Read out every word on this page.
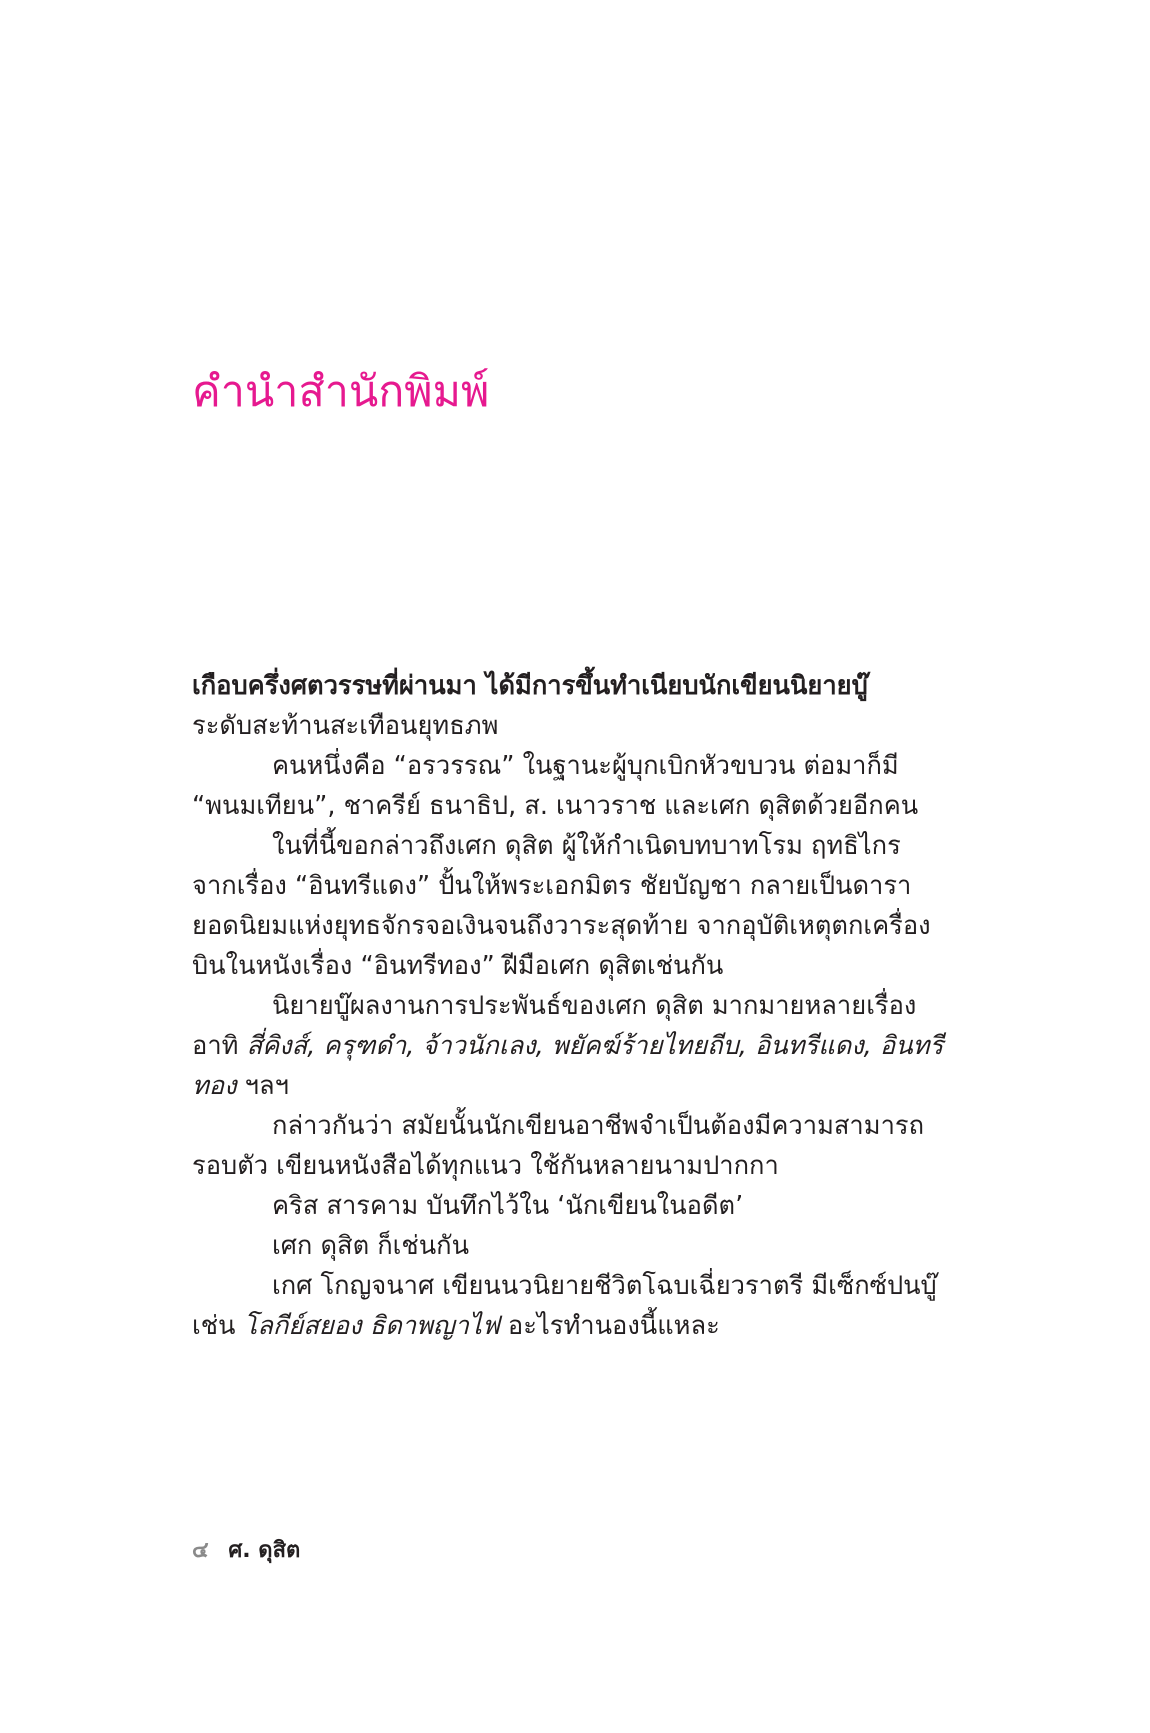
คำนำสำนักพิมพ์

เกือบครึ่งศตวรรษที่ผ่านมา ได้มีการขึ้นทำเนียบนักเขียนนิยายบู๊
ระดับสะท้านสะเทือนยุทธภพ

คนหนึ่งคือ “อรวรรณ” ในฐานะผู้บุกเบิกหัวขบวน ต่อมาก็มี
“พนมเทียน”, ชาครีย์ ธนาธิป, ส. เนาวราช และเศก ดุสิตด้วยอีกคน

ในที่นี้ขอกล่าวถึงเศก ดุสิต ผู้ให้กำเนิดบทบาทโรม ฤทธิไกร
จากเรื่อง “อินทรีแดง” ปั้นให้พระเอกมิตร ชัยบัญชา กลายเป็นดารา
ยอดนิยมแห่งยุทธจักรจอเงินจนถึงวาระสุดท้าย จากอุบัติเหตุตกเครื่อง
บินในหนังเรื่อง “อินทรีทอง” ฝีมือเศก ดุสิตเช่นกัน

นิยายบู๊ผลงานการประพันธ์ของเศก ดุสิต มากมายหลายเรื่อง
อาทิ สี่คิงส์, ครุฑดำ, จ้าวนักเลง, พยัคฆ์ร้ายไทยถีบ, อินทรีแดง, อินทรี
ทอง ฯลฯ

กล่าวกันว่า สมัยนั้นนักเขียนอาชีพจำเป็นต้องมีความสามารถ
รอบตัว เขียนหนังสือได้ทุกแนว ใช้กันหลายนามปากกา

คริส สารคาม บันทึกไว้ใน ‘นักเขียนในอดีต’

เศก ดุสิต ก็เช่นกัน

เกศ โกญจนาศ เขียนนวนิยายชีวิตโฉบเฉี่ยวราตรี มีเซ็กซ์ปนบู๊
เช่น โลกีย์สยอง ธิดาพญาไฟ อะไรทำนองนี้แหละ

๔ ศ. ดุสิต
